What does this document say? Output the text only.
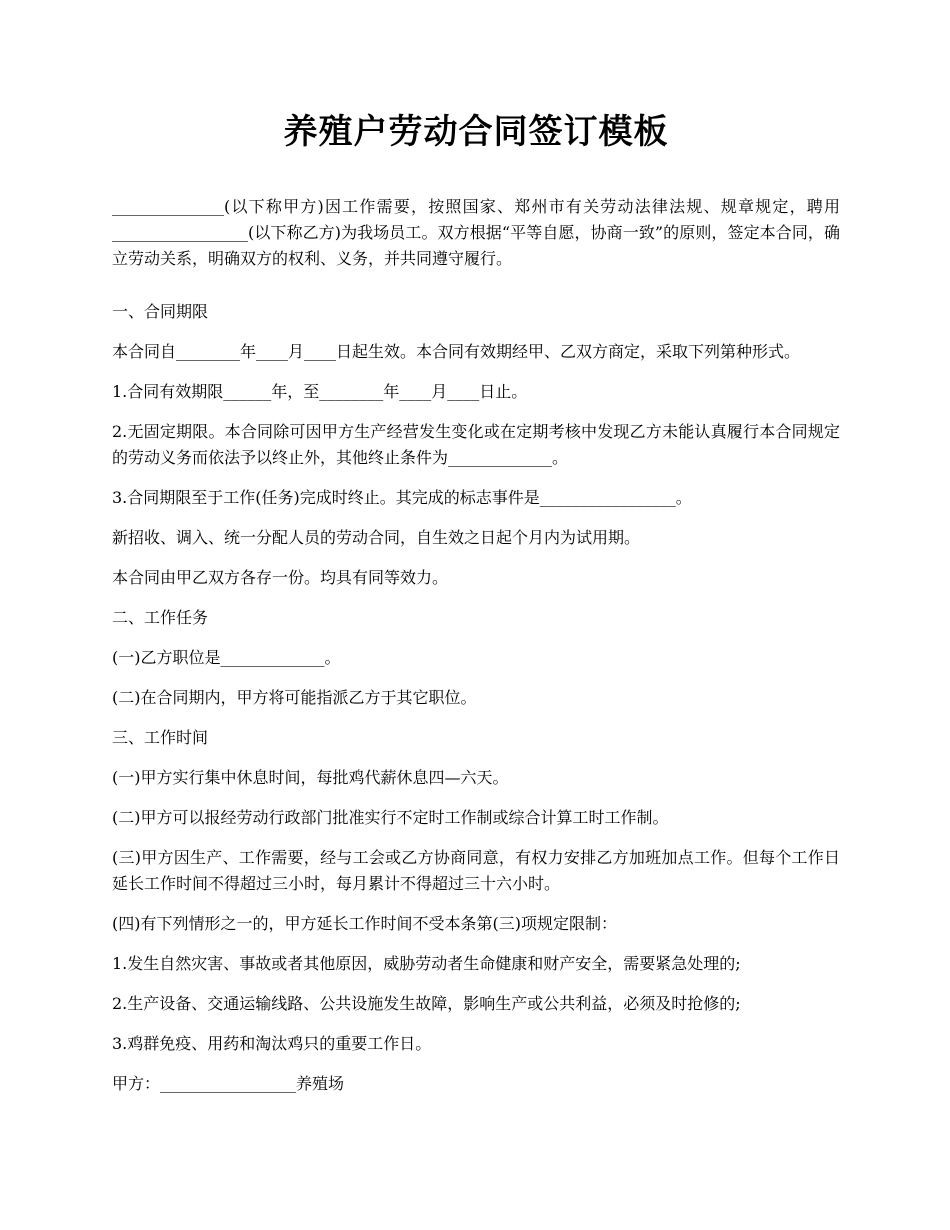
养殖户劳动合同签订模板

______________(以下称甲方)因工作需要，按照国家、郑州市有关劳动法律法规、规章规定，聘用_________________(以下称乙方)为我场员工。双方根据“平等自愿，协商一致”的原则，签定本合同，确立劳动关系，明确双方的权利、义务，并共同遵守履行。

一、合同期限

本合同自________年____月____日起生效。本合同有效期经甲、乙双方商定，采取下列第种形式。

1.合同有效期限______年，至________年____月____日止。

2.无固定期限。本合同除可因甲方生产经营发生变化或在定期考核中发现乙方未能认真履行本合同规定的劳动义务而依法予以终止外，其他终止条件为_____________。

3.合同期限至于工作(任务)完成时终止。其完成的标志事件是_________________。

新招收、调入、统一分配人员的劳动合同，自生效之日起个月内为试用期。

本合同由甲乙双方各存一份。均具有同等效力。

二、工作任务

(一)乙方职位是_____________。

(二)在合同期内，甲方将可能指派乙方于其它职位。

三、工作时间

(一)甲方实行集中休息时间，每批鸡代薪休息四—六天。

(二)甲方可以报经劳动行政部门批准实行不定时工作制或综合计算工时工作制。

(三)甲方因生产、工作需要，经与工会或乙方协商同意，有权力安排乙方加班加点工作。但每个工作日延长工作时间不得超过三小时，每月累计不得超过三十六小时。

(四)有下列情形之一的，甲方延长工作时间不受本条第(三)项规定限制：

1.发生自然灾害、事故或者其他原因，威胁劳动者生命健康和财产安全，需要紧急处理的;

2.生产设备、交通运输线路、公共设施发生故障，影响生产或公共利益，必须及时抢修的;

3.鸡群免疫、用药和淘汰鸡只的重要工作日。

甲方：_________________养殖场
